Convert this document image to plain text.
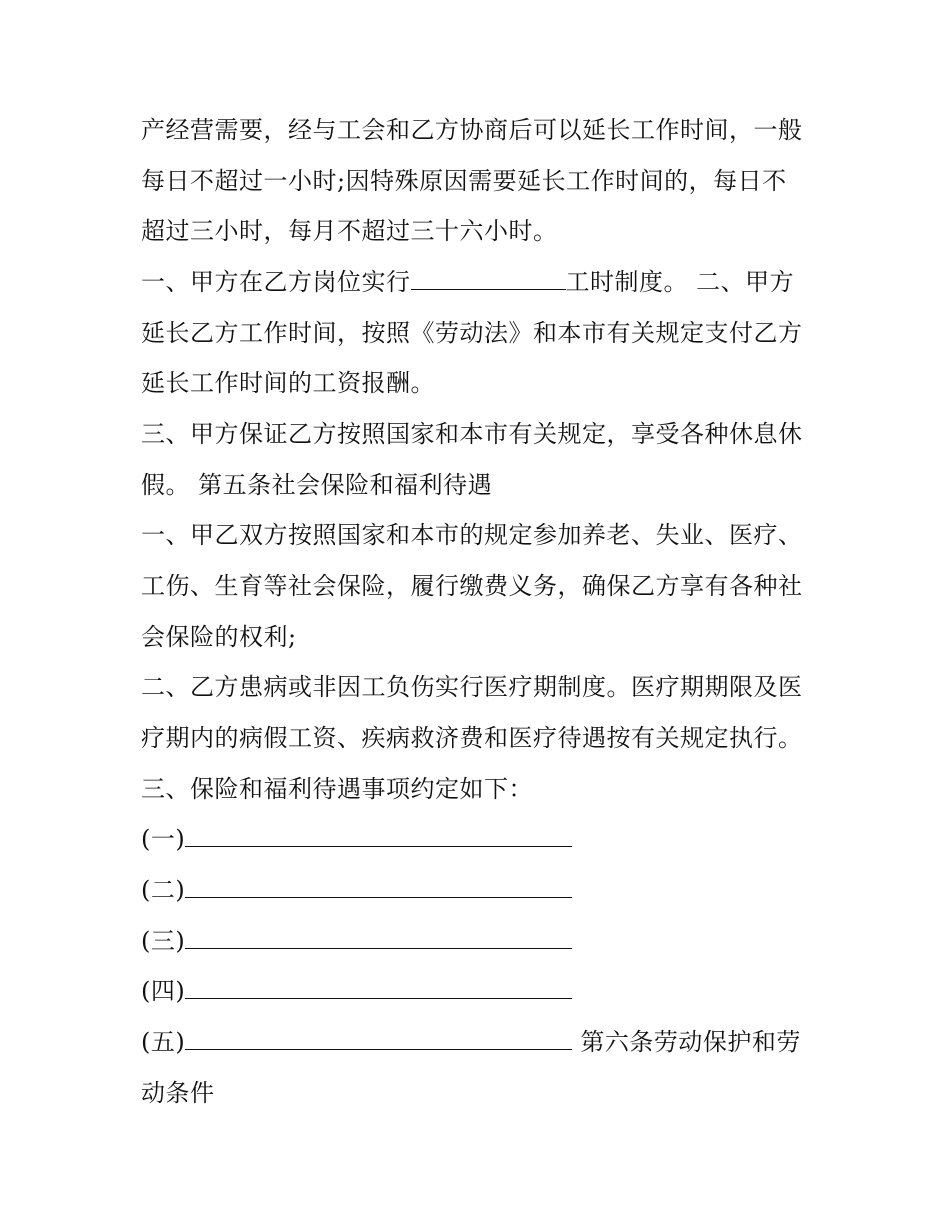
产经营需要，经与工会和乙方协商后可以延长工作时间，一般
每日不超过一小时;因特殊原因需要延长工作时间的，每日不
超过三小时，每月不超过三十六小时。
一、甲方在乙方岗位实行	工时制度。 二、甲方
延长乙方工作时间，按照《劳动法》和本市有关规定支付乙方
延长工作时间的工资报酬。
三、甲方保证乙方按照国家和本市有关规定，享受各种休息休
假。 第五条社会保险和福利待遇
一、甲乙双方按照国家和本市的规定参加养老、失业、医疗、
工伤、生育等社会保险，履行缴费义务，确保乙方享有各种社
会保险的权利;
二、乙方患病或非因工负伤实行医疗期制度。医疗期期限及医
疗期内的病假工资、疾病救济费和医疗待遇按有关规定执行。
三、保险和福利待遇事项约定如下：
(一)
(二)
(三)
(四)
(五)	第六条劳动保护和劳
动条件
